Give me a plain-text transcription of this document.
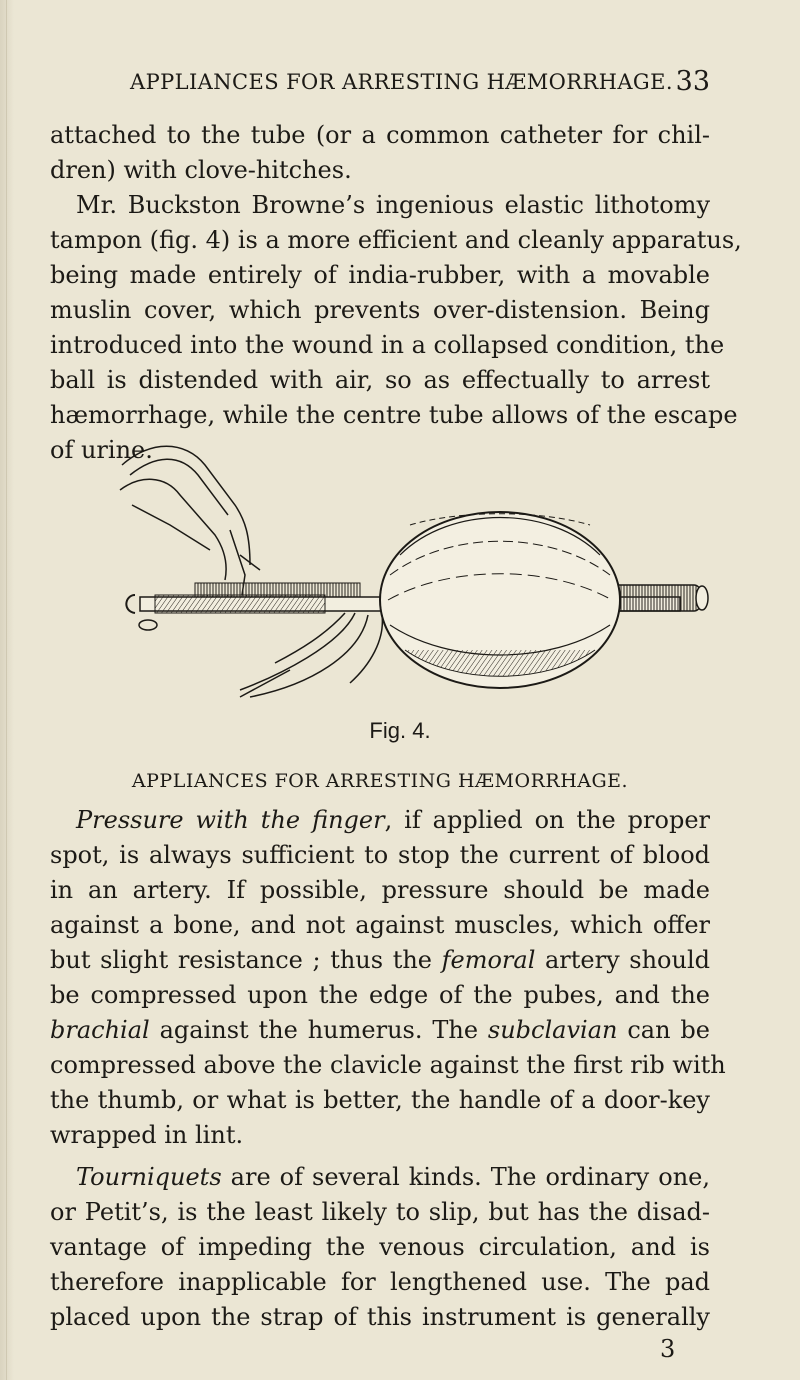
APPLIANCES FOR ARRESTING HÆMORRHAGE. 33
attached to the tube (or a common catheter for chil-
dren) with clove-hitches.
Mr. Buckston Browne’s ingenious elastic lithotomy
tampon (fig. 4) is a more efficient and cleanly apparatus,
being made entirely of india-rubber, with a movable
muslin cover, which prevents over-distension. Being
introduced into the wound in a collapsed condition, the
ball is distended with air, so as effectually to arrest
hæmorrhage, while the centre tube allows of the escape
of urine.
Fig. 4.
APPLIANCES FOR ARRESTING HÆMORRHAGE.
Pressure with the finger, if applied on the proper
spot, is always sufficient to stop the current of blood
in an artery. If possible, pressure should be made
against a bone, and not against muscles, which offer
but slight resistance ; thus the femoral artery should
be compressed upon the edge of the pubes, and the
brachial against the humerus. The subclavian can be
compressed above the clavicle against the first rib with
the thumb, or what is better, the handle of a door-key
wrapped in lint.
Tourniquets are of several kinds. The ordinary one,
or Petit’s, is the least likely to slip, but has the disad-
vantage of impeding the venous circulation, and is
therefore inapplicable for lengthened use. The pad
placed upon the strap of this instrument is generally
3
